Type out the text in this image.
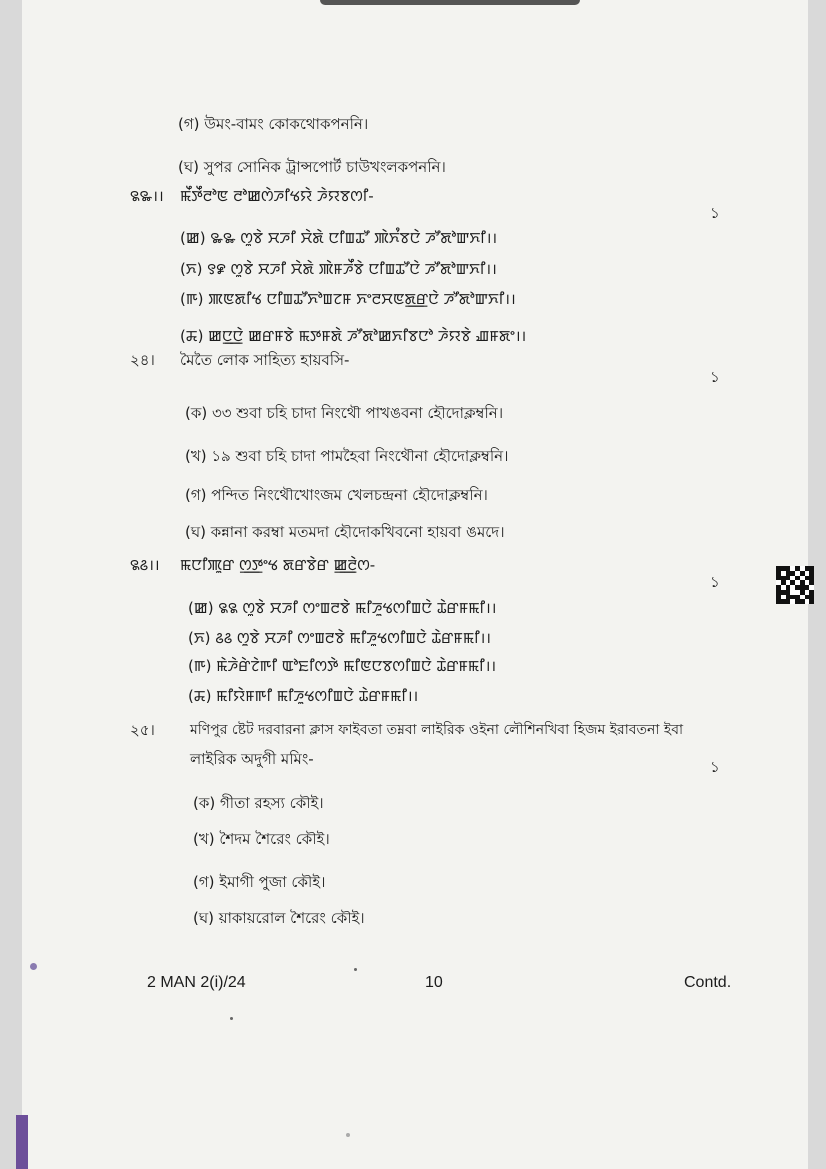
(গ) উমং-বামং কোকথোকপননি।
(ঘ) সুপর সোনিক ট্রান্সপোর্ট চাউখংলকপননি।
꯲꯳।। ꯃꯩꯇꯩꯂꯣꯟ ꯂꯣꯀꯁꯥꯍꯤꯠꯌꯥ ꯍꯥꯌꯕꯁꯤ-
১
(ꯀ) ꯳꯳ ꯁꯨꯕꯥ ꯆꯍꯤ ꯆꯥꯗꯥ ꯅꯤꯡꯊꯧ ꯄꯥꯈꯪꯕꯅꯥ ꯍꯧꯗꯣꯛꯈꯤ।।
(ꯈ) ꯱꯹ ꯁꯨꯕꯥ ꯆꯍꯤ ꯆꯥꯗꯥ ꯄꯥꯝꯍꯩꯕꯥ ꯅꯤꯡꯊꯧꯅꯥ ꯍꯧꯗꯣꯛꯈꯤ।।
(ꯒ) ꯄꯟꯗꯤꯠ ꯅꯤꯡꯊꯧꯈꯣꯡꯖꯝ ꯈꯦꯂꯆꯟꯗ꯭ꯔꯅꯥ ꯍꯧꯗꯣꯛꯈꯤ।।
(ꯘ) ꯀꯅ꯭ꯅꯥ ꯀꯔꯝꯕꯥ ꯃꯇꯝꯗꯥ ꯍꯧꯗꯣꯀꯈꯤꯕꯅꯣ ꯍꯥꯌꯕꯥ ꯉꯝꯗꯦ।।
২৪। মৈতৈ লোক সাহিত্য হায়বসি-
১
(ক) ৩৩ শুবা চহি চাদা নিংথৌ পাখঙবনা হৌদোক্লম্বনি।
(খ) ১৯ শুবা চহি চাদা পামহৈবা নিংথৌনা হৌদোক্লম্বনি।
(গ) পন্দিত নিংথৌখোংজম খেলচন্দ্রনা হৌদোক্লম্বনি।
(ঘ) কন্নানা করম্বা মতমদা হৌদোকখিবনো হায়বা ঙমদে।
꯲꯴।। ꯃꯅꯤꯄꯨꯔ ꯁ꯭ꯇꯦꯠ ꯗꯔꯕꯥꯔ ꯀ꯭ꯂꯥꯁ-
১
(ꯀ) ꯲꯲ ꯁꯨꯕꯥ ꯆꯍꯤ ꯁꯦꯡꯂꯕꯥ ꯃꯤꯍꯨꯠꯁꯤꯡꯅꯥ ꯊꯥꯔꯝꯃꯤ।।
(ꯈ) ꯴꯴ ꯁꯨꯕꯥ ꯆꯍꯤ ꯁꯦꯡꯂꯕꯥ ꯃꯤꯍꯨꯠꯁꯤꯡꯅꯥ ꯊꯥꯔꯝꯃꯤ।।
(ꯒ) ꯃꯥꯍꯥꯔꯥꯖꯥꯒꯤ ꯑꯣꯐꯤꯁꯇꯥ ꯃꯤꯟꯅꯕꯁꯤꯡꯅꯥ ꯊꯥꯔꯝꯃꯤ।।
(ꯘ) ꯃꯤꯌꯥꯝꯒꯤ ꯃꯤꯍꯨꯠꯁꯤꯡꯅꯥ ꯊꯥꯔꯝꯃꯤ।।
২৫।	মণিপুর ষ্টেট দরবারনা ক্লাস ফাইবতা তম্নবা লাইরিক ওইনা লৌশিনখিবা হিজম ইরাবতনা ইবা
লাইরিক অদুগী মমিং-	১
(ক) গীতা রহস্য কৌই।
(খ) শৈদম শৈরেং কৌই।
(গ) ইমাগী পুজা কৌই।
(ঘ) য়াকায়রোল শৈরেং কৌই।
2 MAN 2(i)/24	10	Contd.
